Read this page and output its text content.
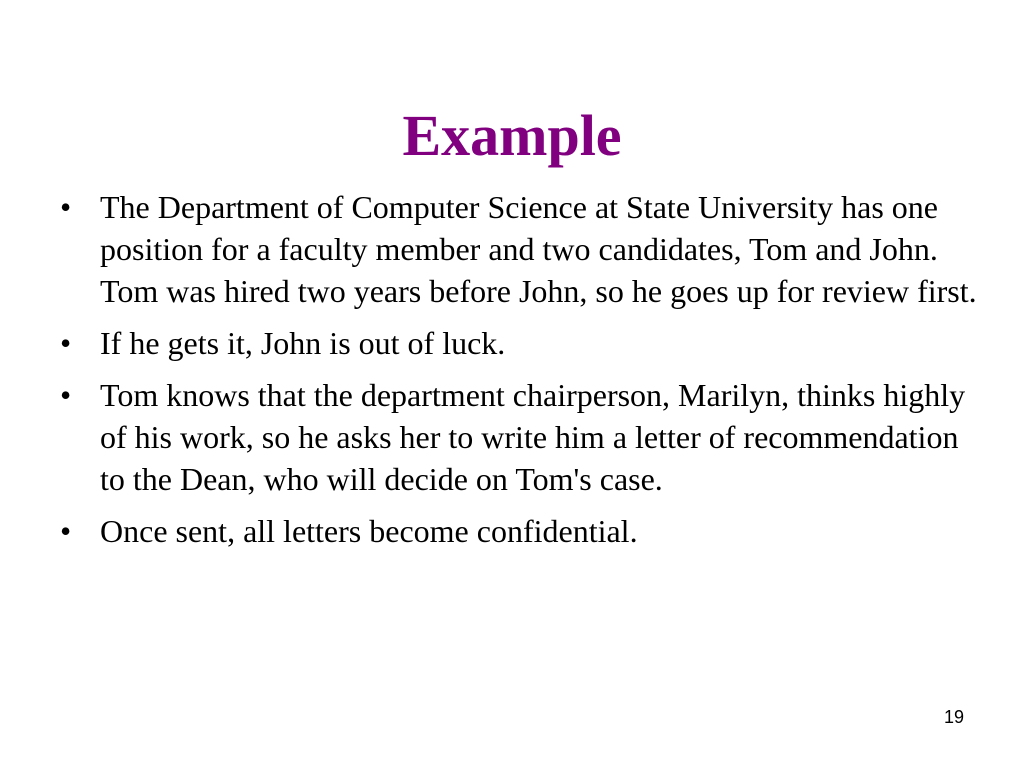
Example
• The Department of Computer Science at State University has one position for a faculty member and two candidates, Tom and John. Tom was hired two years before John, so he goes up for review first.
• If he gets it, John is out of luck.
• Tom knows that the department chairperson, Marilyn, thinks highly of his work, so he asks her to write him a letter of recommendation to the Dean, who will decide on Tom's case.
• Once sent, all letters become confidential.
19
